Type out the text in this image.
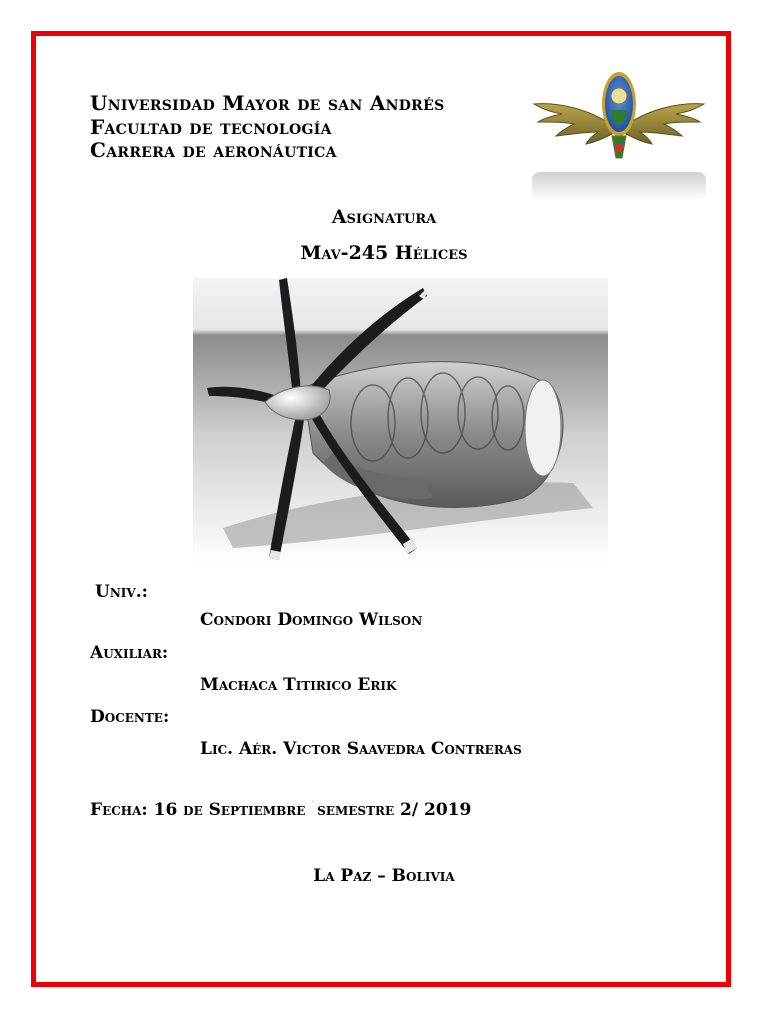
Universidad Mayor de san Andrés
Facultad de tecnología
Carrera de aeronáutica
Asignatura
Mav-245 Hélices
Univ.:
Condori Domingo Wilson
Auxiliar:
Machaca Titirico Erik
Docente:
Lic. Aér. Victor Saavedra Contreras
Fecha: 16 de Septiembre  semestre 2/ 2019
La Paz – Bolivia
